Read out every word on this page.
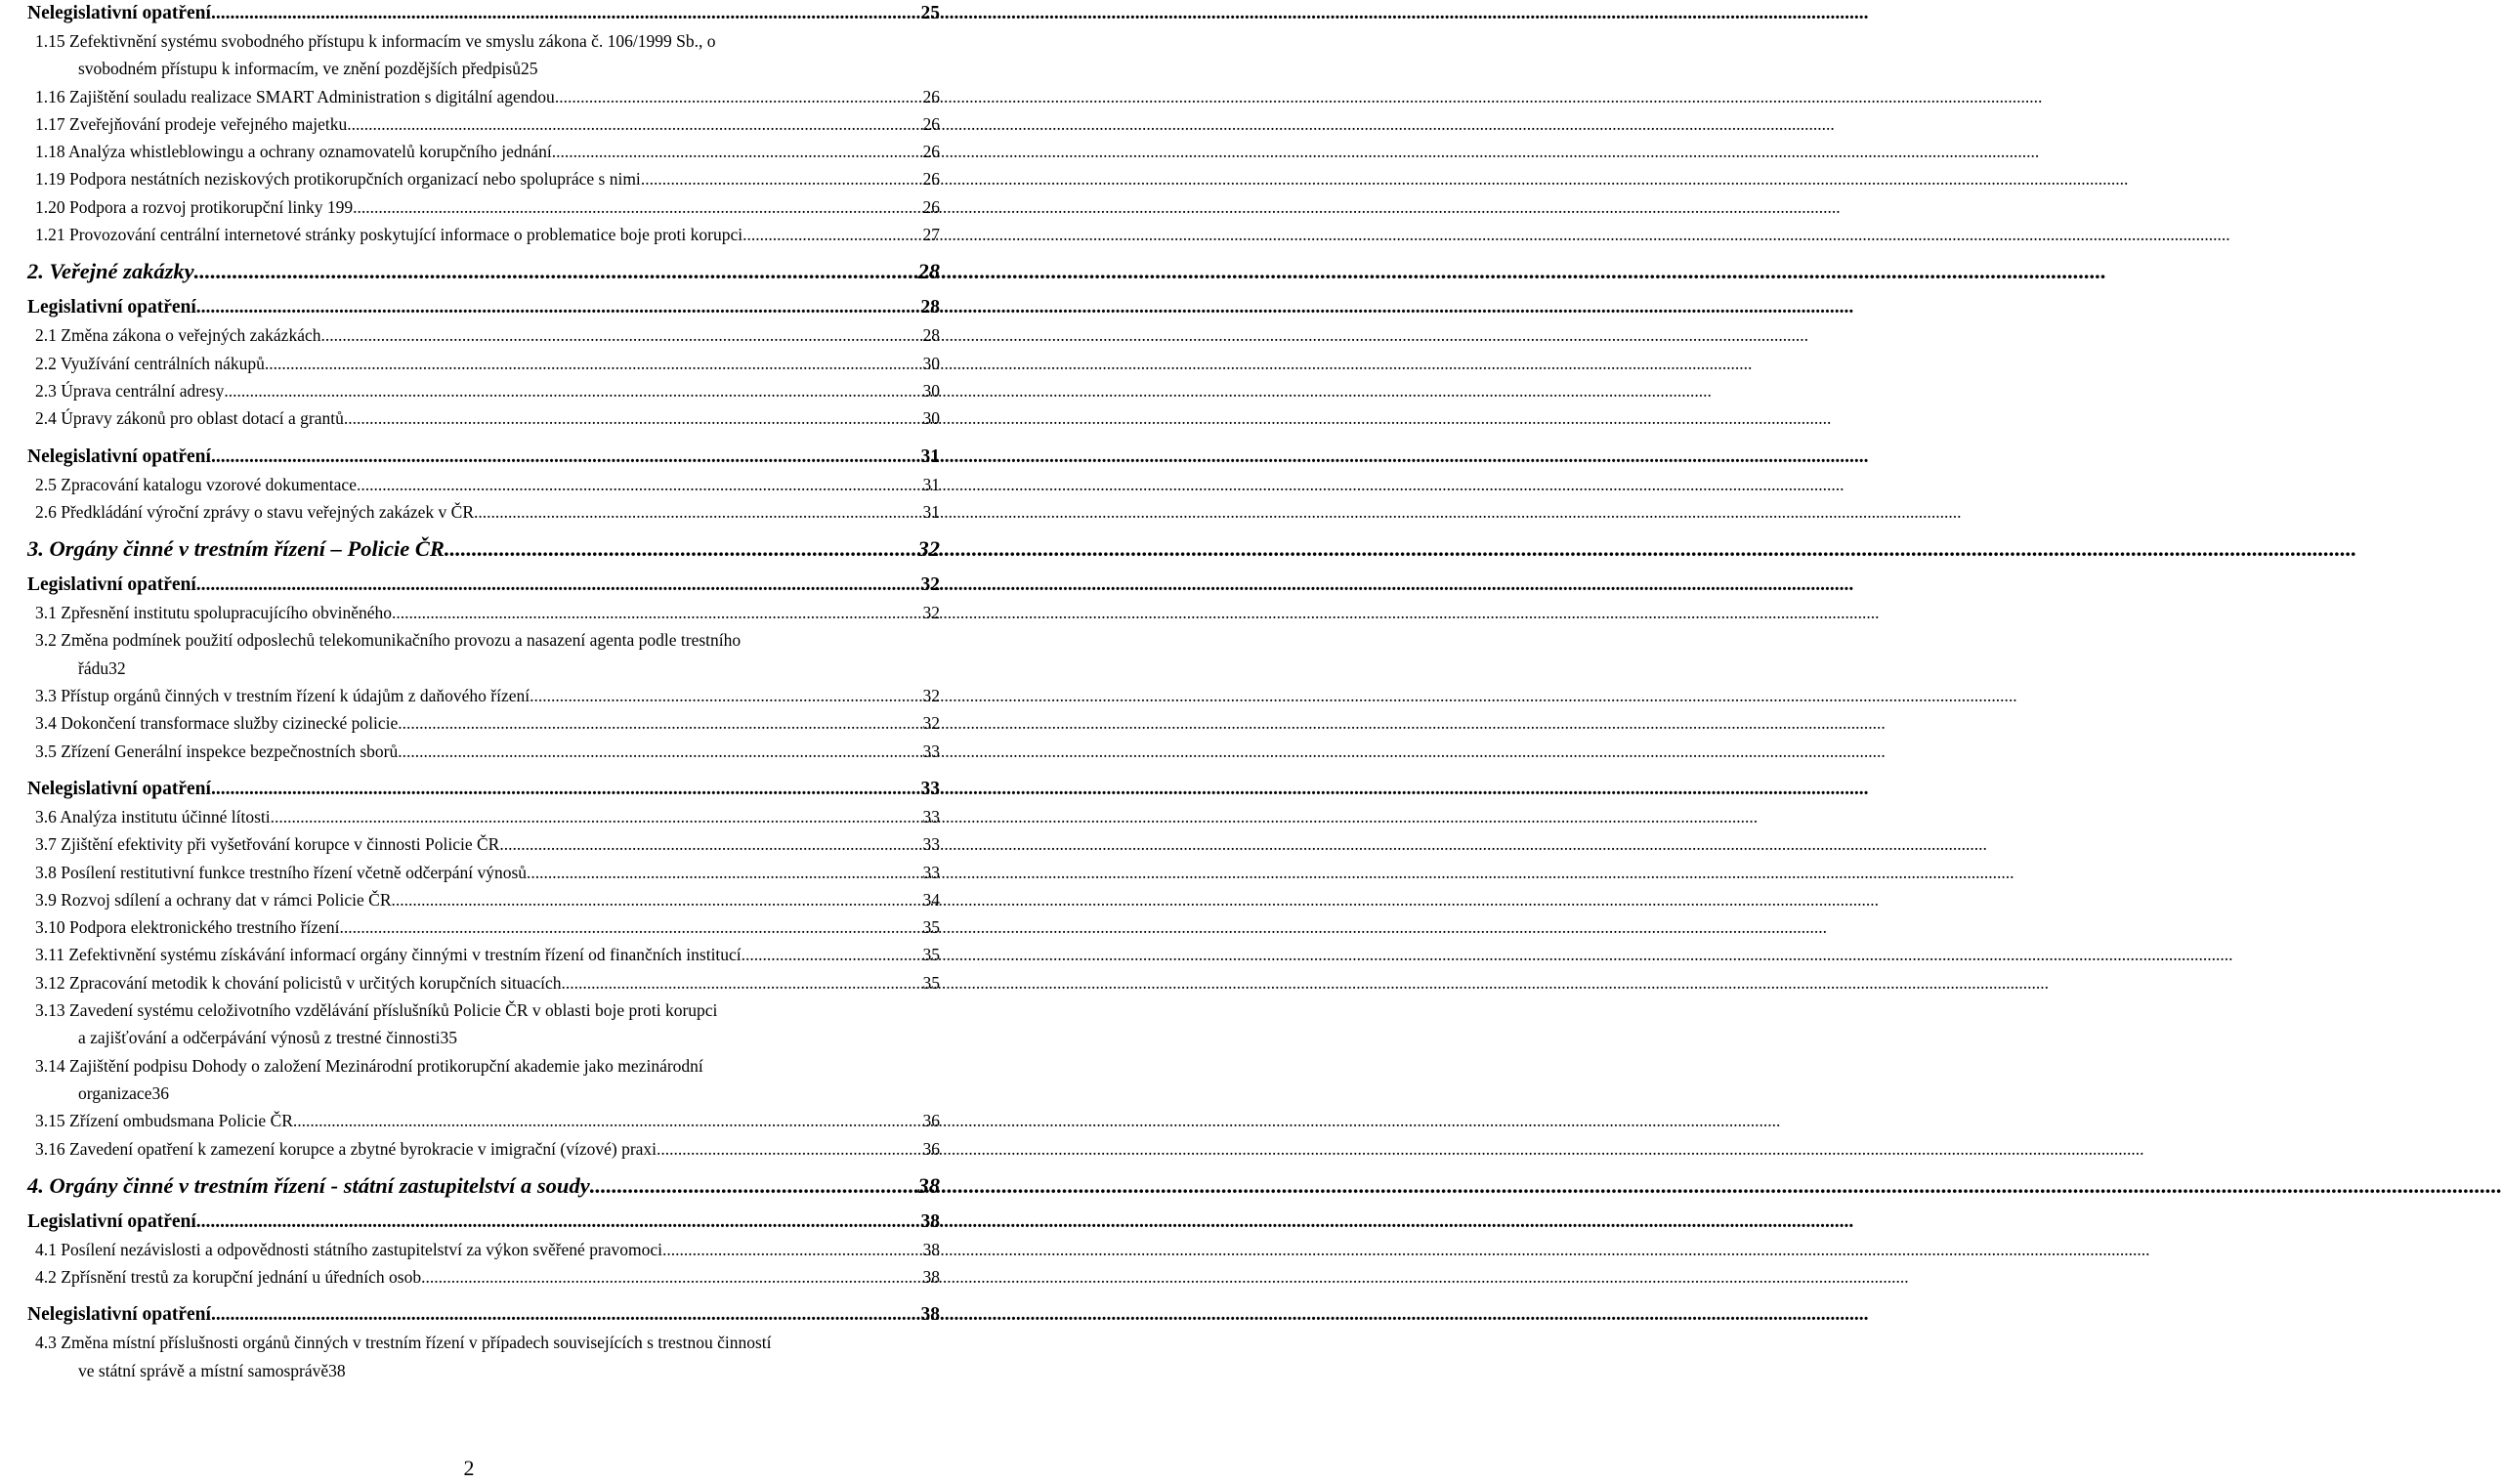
Nelegislativní opatření .....	25
1.15 Zefektivnění systému svobodného přístupu k informacím ve smyslu zákona č. 106/1999 Sb., o
svobodném přístupu k informacím, ve znění pozdějších předpisů 25
1.16 Zajištění souladu realizace SMART Administration s digitální agendou .....	26
1.17 Zveřejňování prodeje veřejného majetku .....	26
1.18 Analýza whistleblowingu a ochrany oznamovatelů korupčního jednání .....	26
1.19 Podpora nestátních neziskových protikorupčních organizací nebo spolupráce s nimi .....	26
1.20 Podpora a rozvoj protikorupční linky 199 .....	26
1.21 Provozování centrální internetové stránky poskytující informace o problematice boje proti korupci .....	27
2. Veřejné zakázky .....	28
Legislativní opatření .....	28
2.1 Změna zákona o veřejných zakázkách .....	28
2.2 Využívání centrálních nákupů .....	30
2.3 Úprava centrální adresy .....	30
2.4 Úpravy zákonů pro oblast dotací a grantů .....	30
Nelegislativní opatření .....	31
2.5 Zpracování katalogu vzorové dokumentace .....	31
2.6 Předkládání výroční zprávy o stavu veřejných zakázek v ČR .....	31
3. Orgány činné v trestním řízení – Policie ČR .....	32
Legislativní opatření .....	32
3.1 Zpřesnění institutu spolupracujícího obviněného .....	32
3.2 Změna podmínek použití odposlechů telekomunikačního provozu a nasazení agenta podle trestního
řádu 32
3.3 Přístup orgánů činných v trestním řízení k údajům z daňového řízení .....	32
3.4 Dokončení transformace služby cizinecké policie .....	32
3.5 Zřízení Generální inspekce bezpečnostních sborů .....	33
Nelegislativní opatření .....	33
3.6 Analýza institutu účinné lítosti .....	33
3.7 Zjištění efektivity při vyšetřování korupce v činnosti Policie ČR .....	33
3.8 Posílení restitutivní funkce trestního řízení včetně odčerpání výnosů .....	33
3.9 Rozvoj sdílení a ochrany dat v rámci Policie ČR .....	34
3.10 Podpora elektronického trestního řízení .....	35
3.11 Zefektivnění systému získávání informací orgány činnými v trestním řízení od finančních institucí. .....	35
3.12 Zpracování metodik k chování policistů v určitých korupčních situacích .....	35
3.13 Zavedení systému celoživotního vzdělávání příslušníků Policie ČR v oblasti boje proti korupci
a zajišťování a odčerpávání výnosů z trestné činnosti 35
3.14 Zajištění podpisu Dohody o založení Mezinárodní protikorupční akademie jako mezinárodní
organizace 36
3.15 Zřízení ombudsmana Policie ČR .....	36
3.16 Zavedení opatření k zamezení korupce a zbytné byrokracie v imigrační (vízové) praxi .....	36
4. Orgány činné v trestním řízení - státní zastupitelství a soudy .....	38
Legislativní opatření .....	38
4.1 Posílení nezávislosti a odpovědnosti státního zastupitelství za výkon svěřené pravomoci .....	38
4.2 Zpřísnění trestů za korupční jednání u úředních osob .....	38
Nelegislativní opatření .....	38
4.3 Změna místní příslušnosti orgánů činných v trestním řízení v případech souvisejících s trestnou činností
ve státní správě a místní samosprávě 38
2
